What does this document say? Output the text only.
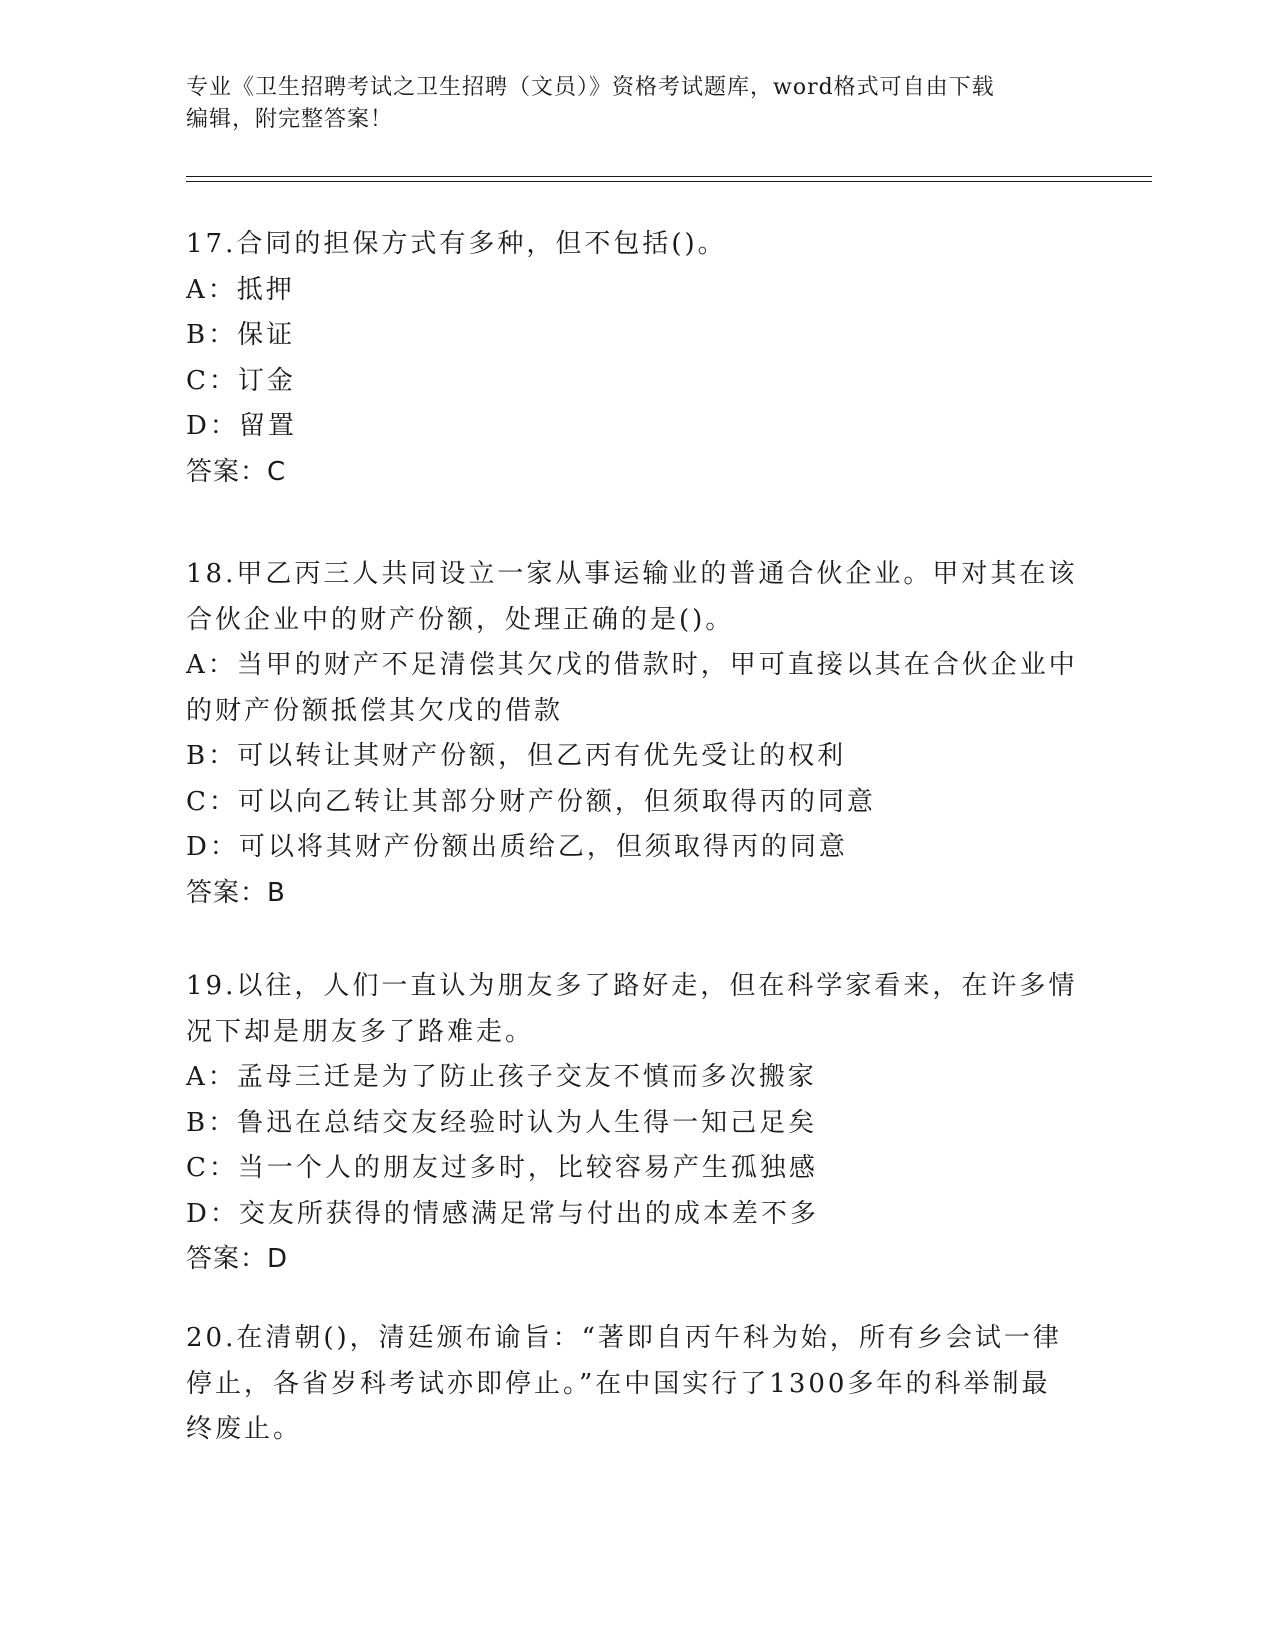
专业《卫生招聘考试之卫生招聘（文员）》资格考试题库，word格式可自由下载
编辑，附完整答案！
17.合同的担保方式有多种，但不包括()。
A：抵押
B：保证
C：订金
D：留置
答案：C
18.甲乙丙三人共同设立一家从事运输业的普通合伙企业。甲对其在该
合伙企业中的财产份额，处理正确的是()。
A：当甲的财产不足清偿其欠戊的借款时，甲可直接以其在合伙企业中
的财产份额抵偿其欠戊的借款
B：可以转让其财产份额，但乙丙有优先受让的权利
C：可以向乙转让其部分财产份额，但须取得丙的同意
D：可以将其财产份额出质给乙，但须取得丙的同意
答案：B
19.以往，人们一直认为朋友多了路好走，但在科学家看来，在许多情
况下却是朋友多了路难走。
A：孟母三迁是为了防止孩子交友不慎而多次搬家
B：鲁迅在总结交友经验时认为人生得一知己足矣
C：当一个人的朋友过多时，比较容易产生孤独感
D：交友所获得的情感满足常与付出的成本差不多
答案：D
20.在清朝()，清廷颁布谕旨：“著即自丙午科为始，所有乡会试一律
停止，各省岁科考试亦即停止。”在中国实行了1300多年的科举制最
终废止。
